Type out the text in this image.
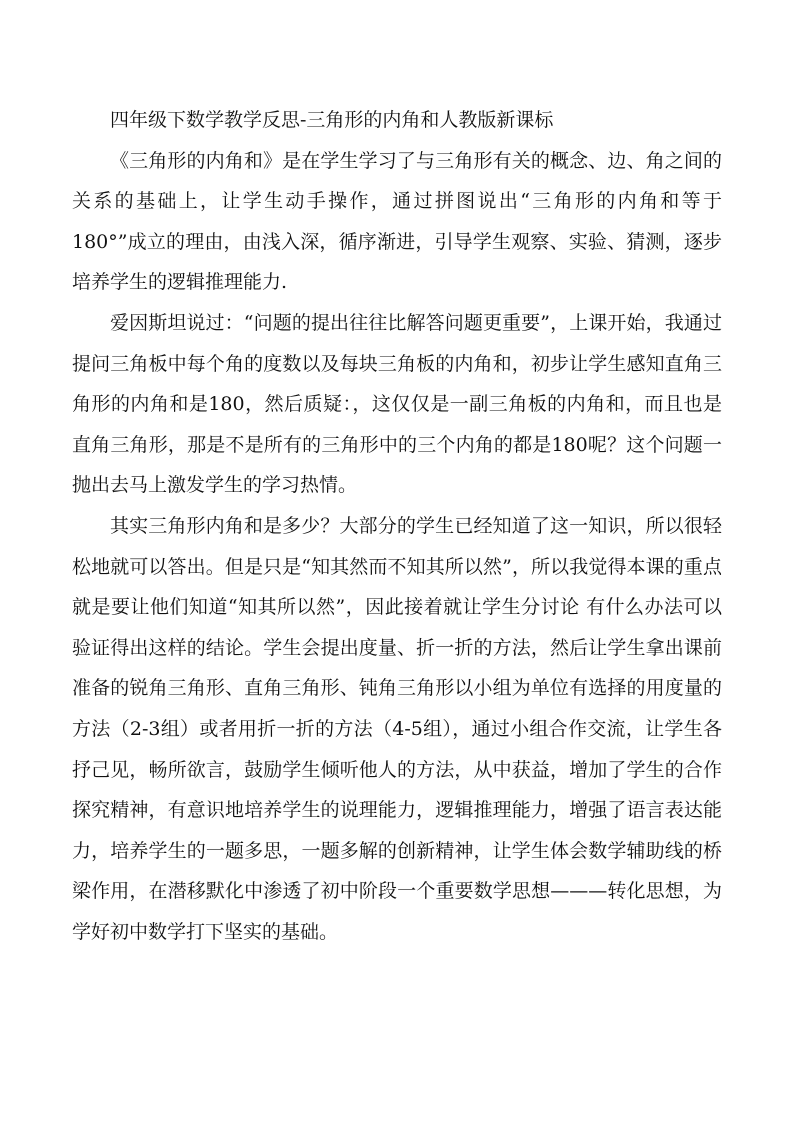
四年级下数学教学反思-三角形的内角和人教版新课标

《三角形的内角和》是在学生学习了与三角形有关的概念、边、角之间的关系的基础上，让学生动手操作，通过拼图说出“三角形的内角和等于180°”成立的理由，由浅入深，循序渐进，引导学生观察、实验、猜测，逐步培养学生的逻辑推理能力.

爱因斯坦说过：“问题的提出往往比解答问题更重要”，上课开始，我通过提问三角板中每个角的度数以及每块三角板的内角和，初步让学生感知直角三角形的内角和是180，然后质疑：，这仅仅是一副三角板的内角和，而且也是直角三角形，那是不是所有的三角形中的三个内角的都是180呢？这个问题一抛出去马上激发学生的学习热情。

其实三角形内角和是多少？大部分的学生已经知道了这一知识，所以很轻松地就可以答出。但是只是“知其然而不知其所以然”，所以我觉得本课的重点就是要让他们知道“知其所以然”，因此接着就让学生分讨论 有什么办法可以验证得出这样的结论。学生会提出度量、折一折的方法，然后让学生拿出课前准备的锐角三角形、直角三角形、钝角三角形以小组为单位有选择的用度量的方法（2-3组）或者用折一折的方法（4-5组），通过小组合作交流，让学生各抒己见，畅所欲言，鼓励学生倾听他人的方法，从中获益，增加了学生的合作探究精神，有意识地培养学生的说理能力，逻辑推理能力，增强了语言表达能力，培养学生的一题多思，一题多解的创新精神，让学生体会数学辅助线的桥梁作用，在潜移默化中渗透了初中阶段一个重要数学思想———转化思想，为学好初中数学打下坚实的基础。
